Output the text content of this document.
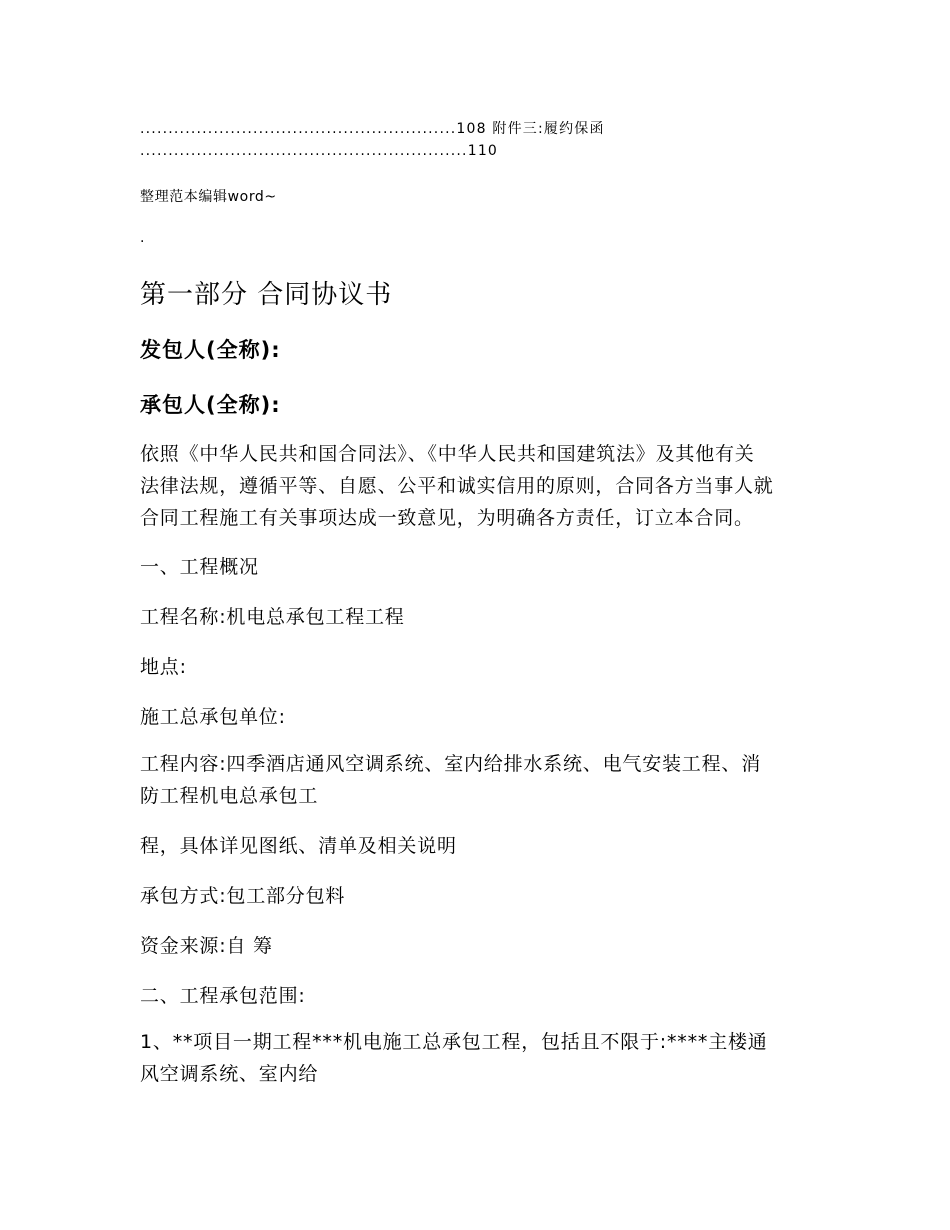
........................................................108 附件三:履约保函
..........................................................110
整理范本编辑word~
.
第一部分 合同协议书
发包人(全称):
承包人(全称):
依照《中华人民共和国合同法》、《中华人民共和国建筑法》及其他有关
法律法规，遵循平等、自愿、公平和诚实信用的原则，合同各方当事人就
合同工程施工有关事项达成一致意见，为明确各方责任，订立本合同。
一、工程概况
工程名称:机电总承包工程工程
地点:
施工总承包单位:
工程内容:四季酒店通风空调系统、室内给排水系统、电气安装工程、消
防工程机电总承包工
程，具体详见图纸、清单及相关说明
承包方式:包工部分包料
资金来源:自 筹
二、工程承包范围:
1、**项目一期工程***机电施工总承包工程，包括且不限于:****主楼通
风空调系统、室内给
